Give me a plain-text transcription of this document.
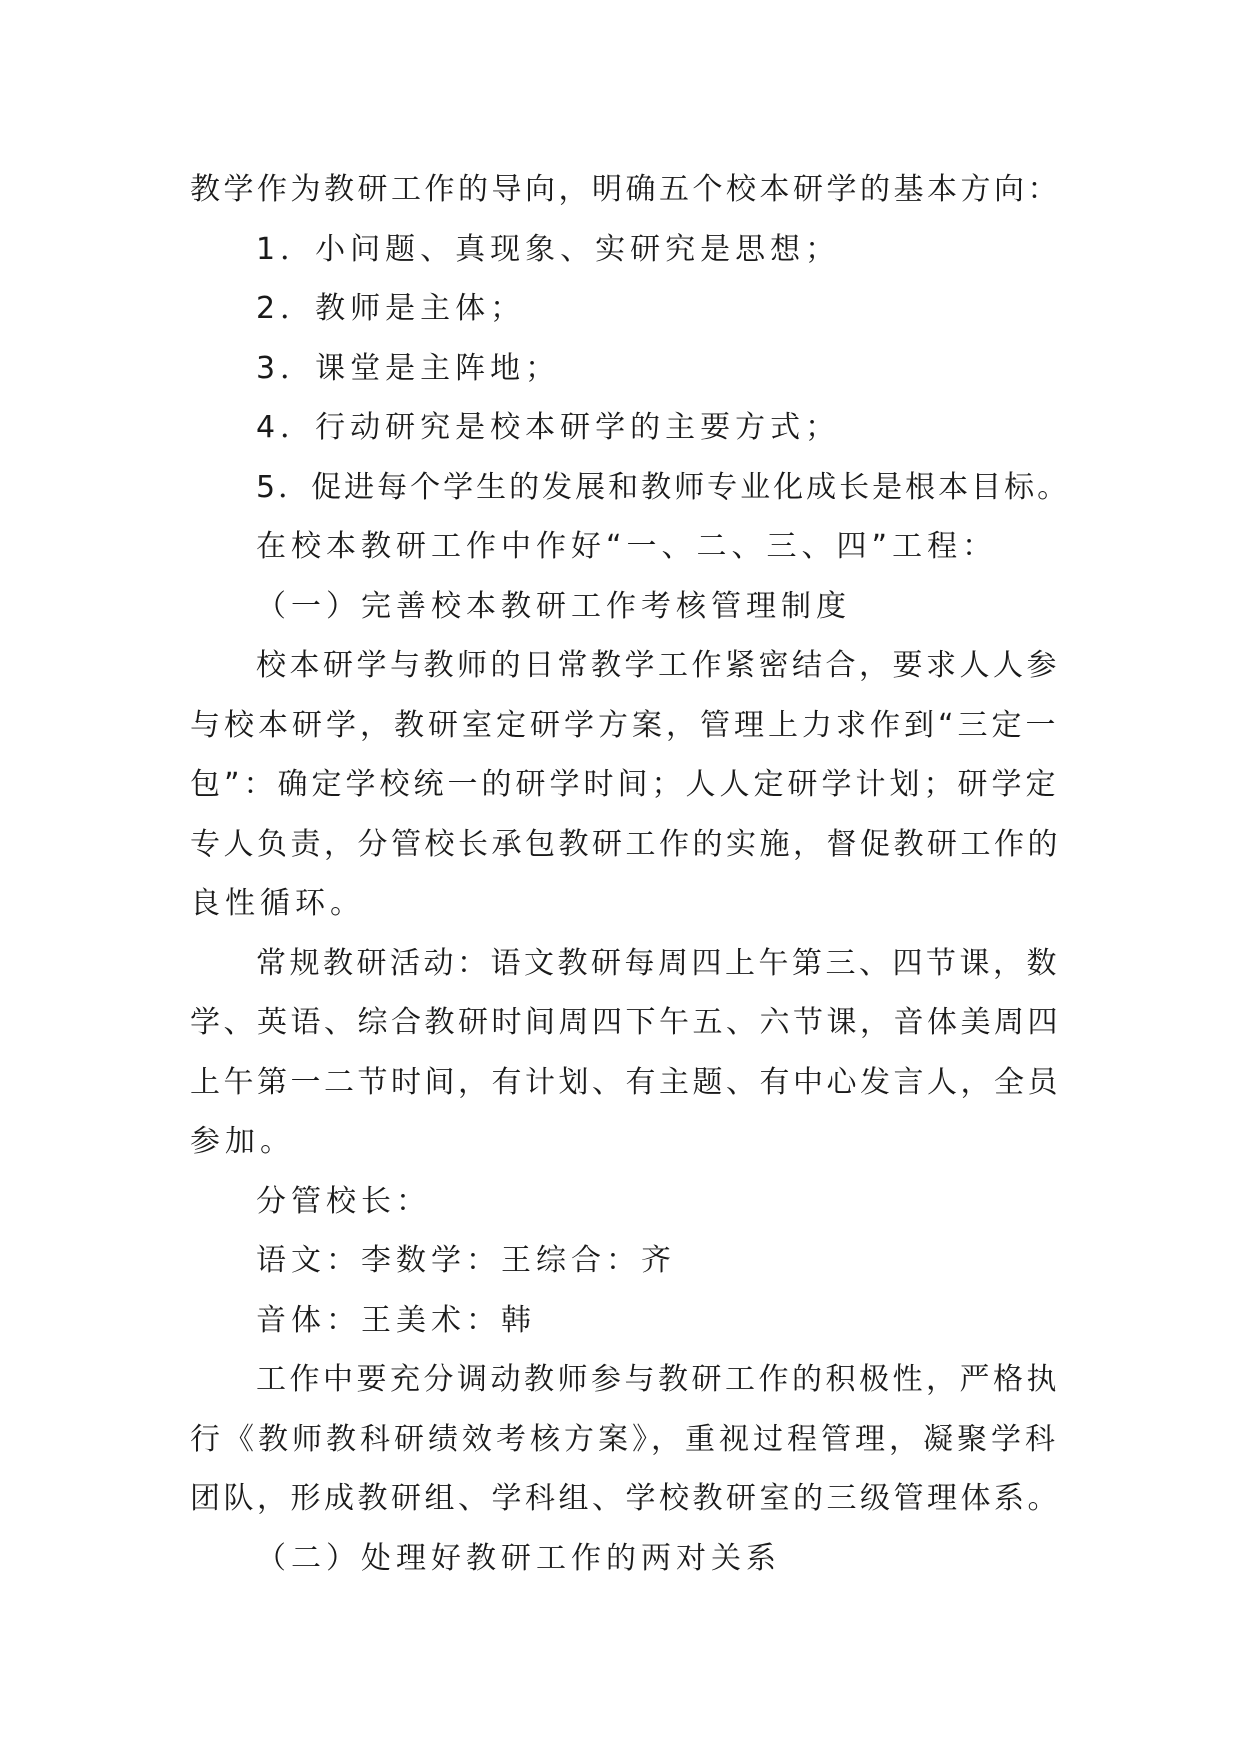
教学作为教研工作的导向，明确五个校本研学的基本方向：
1．小问题、真现象、实研究是思想；
2．教师是主体；
3．课堂是主阵地；
4．行动研究是校本研学的主要方式；
5．促进每个学生的发展和教师专业化成长是根本目标。
在校本教研工作中作好“一、二、三、四”工程：
（一）完善校本教研工作考核管理制度
校本研学与教师的日常教学工作紧密结合，要求人人参
与校本研学，教研室定研学方案，管理上力求作到“三定一
包”：确定学校统一的研学时间；人人定研学计划；研学定
专人负责，分管校长承包教研工作的实施，督促教研工作的
良性循环。
常规教研活动：语文教研每周四上午第三、四节课，数
学、英语、综合教研时间周四下午五、六节课，音体美周四
上午第一二节时间，有计划、有主题、有中心发言人，全员
参加。
分管校长：
语文：李数学：王综合：齐
音体：王美术：韩
工作中要充分调动教师参与教研工作的积极性，严格执
行《教师教科研绩效考核方案》，重视过程管理，凝聚学科
团队，形成教研组、学科组、学校教研室的三级管理体系。
（二）处理好教研工作的两对关系
